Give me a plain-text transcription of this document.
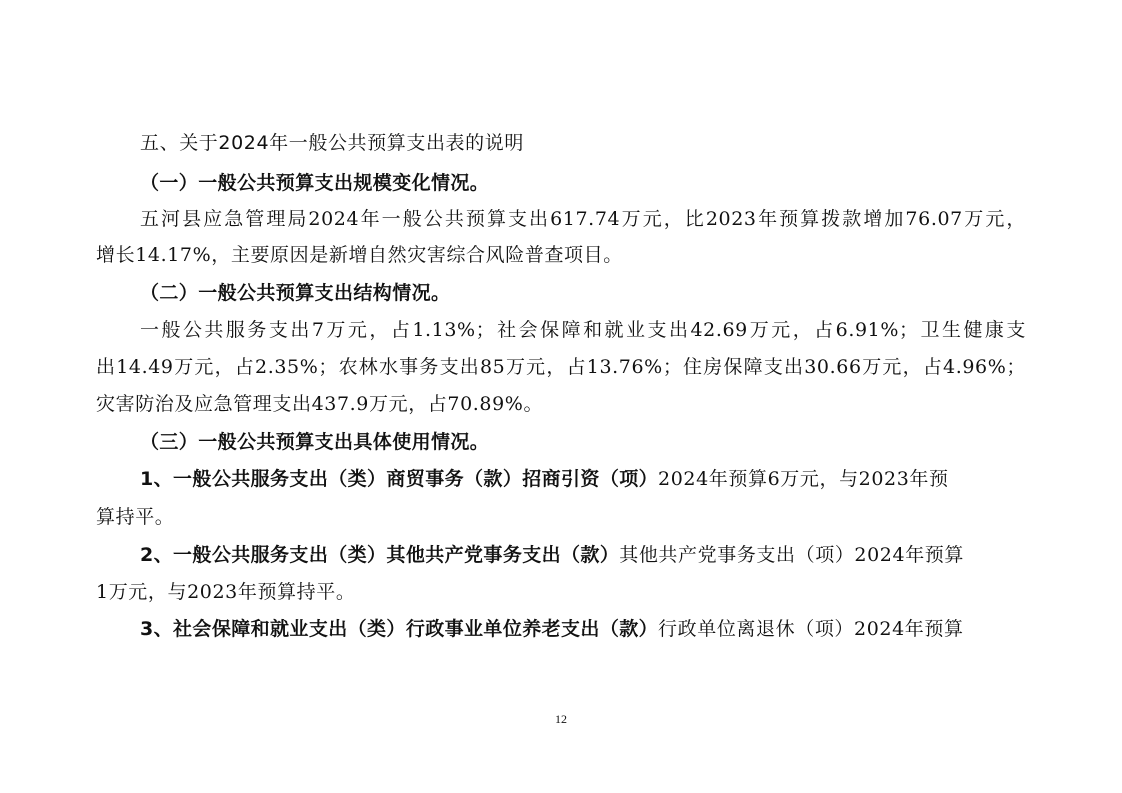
五、关于2024年一般公共预算支出表的说明
（一）一般公共预算支出规模变化情况。
五河县应急管理局2024年一般公共预算支出617.74万元，比2023年预算拨款增加76.07万元，
增长14.17%，主要原因是新增自然灾害综合风险普查项目。
（二）一般公共预算支出结构情况。
一般公共服务支出7万元，占1.13%；社会保障和就业支出42.69万元，占6.91%；卫生健康支
出14.49万元，占2.35%；农林水事务支出85万元，占13.76%；住房保障支出30.66万元，占4.96%；
灾害防治及应急管理支出437.9万元，占70.89%。
（三）一般公共预算支出具体使用情况。
1、一般公共服务支出（类）商贸事务（款）招商引资（项）2024年预算6万元，与2023年预
算持平。
2、一般公共服务支出（类）其他共产党事务支出（款）其他共产党事务支出（项）2024年预算
1万元，与2023年预算持平。
3、社会保障和就业支出（类）行政事业单位养老支出（款）行政单位离退休（项）2024年预算
12
